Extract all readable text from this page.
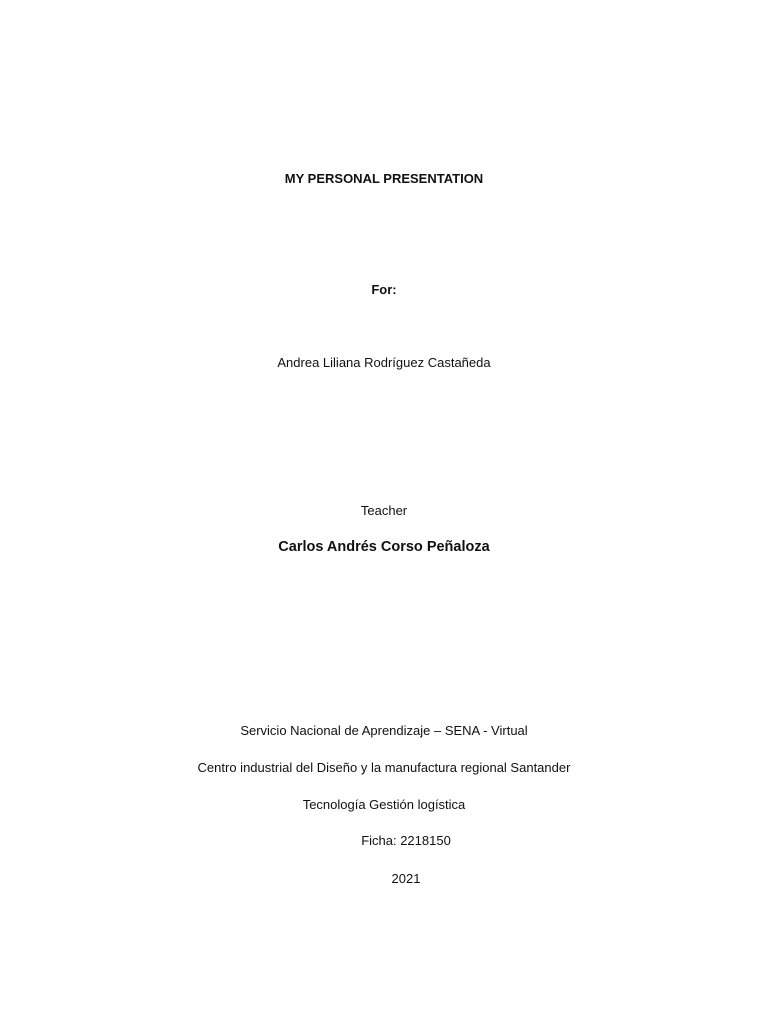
MY PERSONAL PRESENTATION
For:
Andrea Liliana Rodríguez Castañeda
Teacher
Carlos Andrés Corso Peñaloza
Servicio Nacional de Aprendizaje – SENA - Virtual
Centro industrial del Diseño y la manufactura regional Santander
Tecnología Gestión logística
Ficha: 2218150
2021
